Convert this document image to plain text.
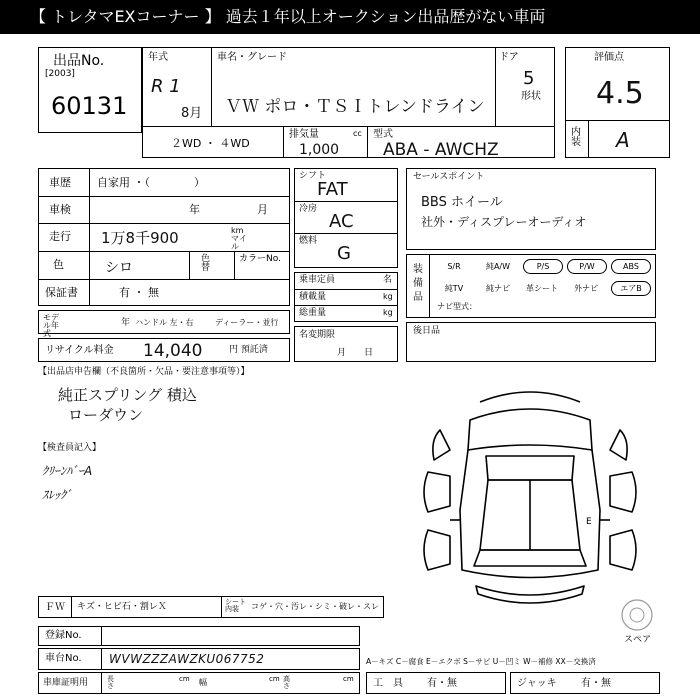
【 トレタマEXコーナー 】 過去１年以上オークション出品歴がない車両
出品No.
[2003]
60131
年式
R 1
8月
車名・グレード
ＶＷ ポロ・ＴＳＩトレンドライン
ドア
5
形状
２WD ・ ４WD
排気量	cc
1,000
型式
ABA - AWCHZ
評価点
4.5
内装 A
車歴 自家用 ・（　　　　）
車検	年	月
走行 1万8千900	km マイル
色	シロ
色替
カラーNo.
保証書	有 ・ 無
モデル年式
年 ハンドル 左・右	ディーラー・並行
リサイクル料金 14,040	円 預託済
シフト
FAT
冷房
AC
燃料
G
乗車定員	名
積載量	kg
総重量	kg
名変期限
月　　日
セールスポイント
BBS ホイール
社外・ディスプレーオーディオ
装備品
S/R	純A/W	P/S	P/W	ABS
純TV	純ナビ	革シート	外ナビ	エアB
ナビ型式：
後日品
【出品店申告欄（不良箇所・欠品・要注意事項等）】
純正スプリング 積込
ローダウン
【検査員記入】
ｸﾘｰﾝﾊﾞｰA
ｽﾚｯｸﾞ
E
ＦＷ キズ・ヒビ石・割レＸ	シート内装	コゲ・穴・汚レ・シミ・破レ・スレ
スペア
登録No.
車台No. WVWZZZAWZKU067752	A－キズ C－腐食 E－エクボ S－サビ U－凹ミ W－補修 XX－交換済
車庫証明用	長さ
cm 幅	cm 高さ
cm 工　具 有・無	ジャッキ 有・無
